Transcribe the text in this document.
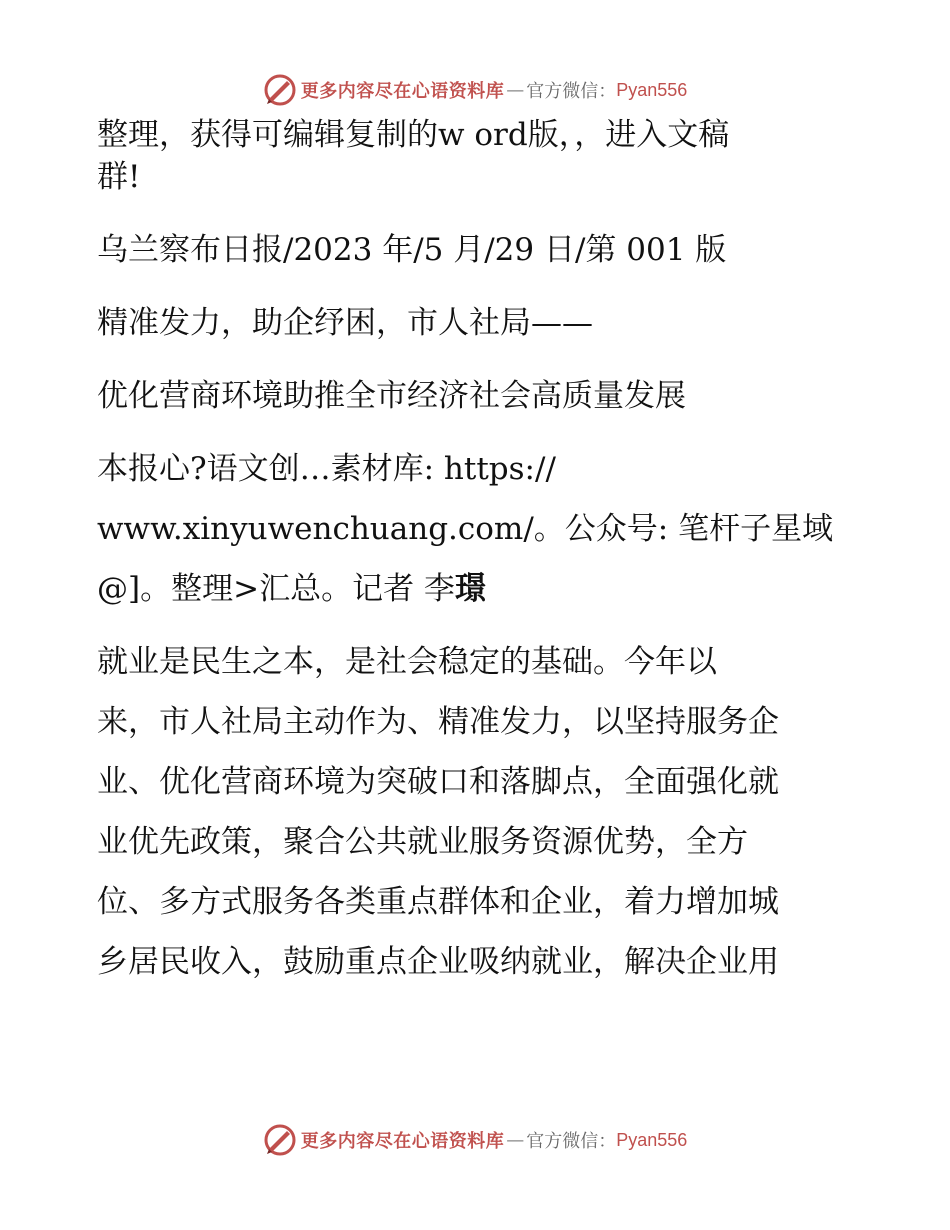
更多内容尽在心语资料库 — 官方微信： Pyan556
整理，获得可编辑复制的w ord版，，进入文稿
群!
乌兰察布日报/2023 年/5 月/29 日/第 001 版
精准发力，助企纾困，市人社局——
优化营商环境助推全市经济社会高质量发展
本报心?语文创…素材库: https://
www.xinyuwenchuang.com/。公众号: 笔杆子星域
@]。整理>汇总。记者 李璟
就业是民生之本，是社会稳定的基础。今年以
来，市人社局主动作为、精准发力，以坚持服务企
业、优化营商环境为突破口和落脚点，全面强化就
业优先政策，聚合公共就业服务资源优势，全方
位、多方式服务各类重点群体和企业，着力增加城
乡居民收入，鼓励重点企业吸纳就业，解决企业用
更多内容尽在心语资料库 — 官方微信： Pyan556
